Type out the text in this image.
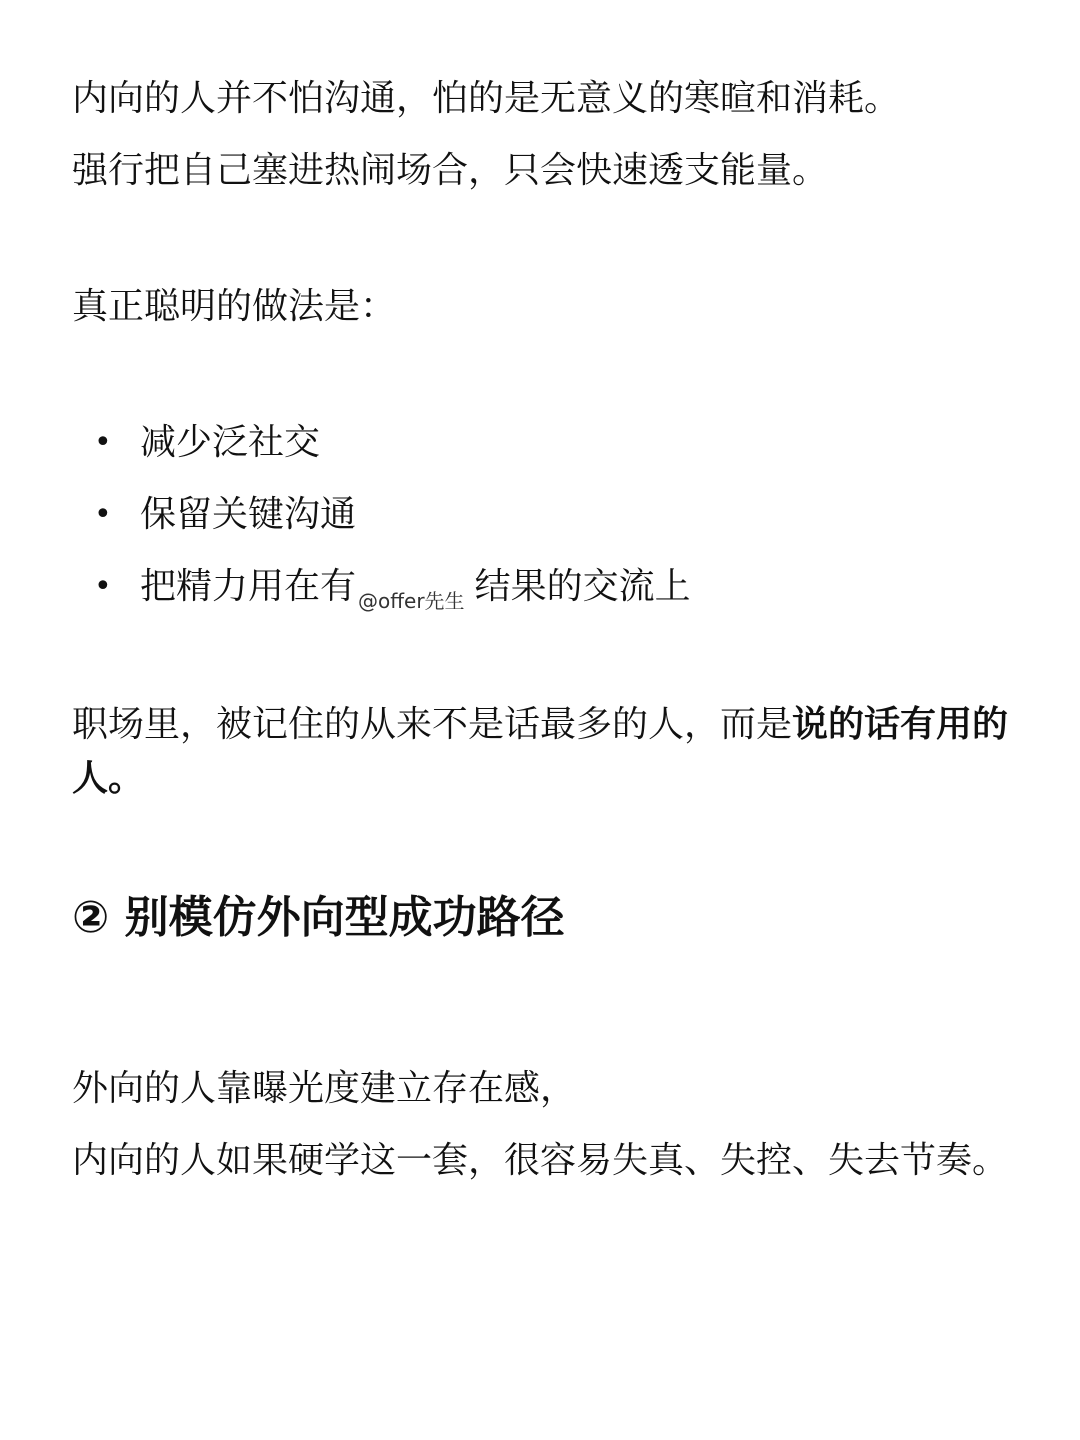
内向的人并不怕沟通，怕的是无意义的寒暄和消耗。
强行把自己塞进热闹场合，只会快速透支能量。
真正聪明的做法是：
• 减少泛社交
• 保留关键沟通
• 把精力用在有 $_{@offer先生}$ 结果的交流上
职场里，被记住的从来不是话最多的人，而是说的话有用的人。
② 别模仿外向型成功路径
外向的人靠曝光度建立存在感，
内向的人如果硬学这一套，很容易失真、失控、失去节奏。
